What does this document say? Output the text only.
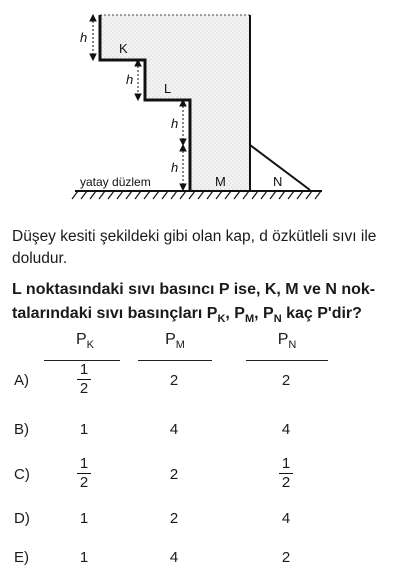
h
h
h
h
K
L
M	N
yatay düzlem

Düşey kesiti şekildeki gibi olan kap, d özkütleli sıvı ile doludur.

L noktasındaki sıvı basıncı P ise, K, M ve N nok-
talarındaki sıvı basınçları $P_K$, $P_M$, $P_N$ kaç P'dir?

$P_K$	$P_M$	$P_N$
A)	$\frac{1}{2}$	2	2
B)	1	4	4
C)	$\frac{1}{2}$	2	$\frac{1}{2}$
D)	1	2	4
E)	1	4	2
